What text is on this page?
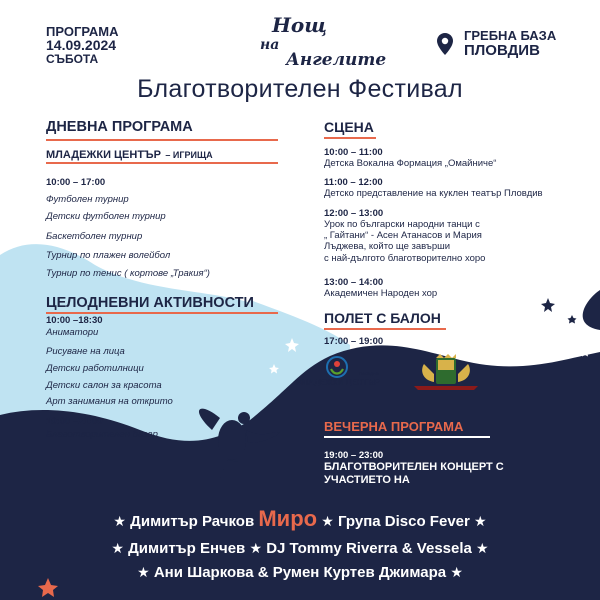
ПРОГРАМА
14.09.2024
СЪБОТА
Нощ
на
Ангелите
ГРЕБНА БАЗА
ПЛОВДИВ
Благотворителен Фестивал
ДНЕВНА ПРОГРАМА
МЛАДЕЖКИ ЦЕНТЪР – ИГРИЩА
10:00 – 17:00
Футболен турнир
Детски футболен турнир
Баскетболен турнир
Турнир по плажен волейбол
Турнир по тенис ( кортове „Тракия“)
ЦЕЛОДНЕВНИ АКТИВНОСТИ
10:00 –18:30
Аниматори
Рисуване на лица
Детски работилници
Детски салон за красота
Арт занимания на открито
10:00 –21:00
Благотворителен базар
СЦЕНА
10:00 – 11:00
Детска Вокална Формация „Омайниче“
11:00 – 12:00
Детско представление на куклен театър Пловдив
12:00 – 13:00
Урок по български народни танци с
„ Гайтани“ - Асен Атанасов и Мария
Лъджева, който ще завърши
с най-дългото благотворително хоро
13:00 – 14:00
Академичен Народен хор
ПОЛЕТ С БАЛОН
17:00 – 19:00
ПЛОВДИВ
МЛАДЕЖКИ ЦЕНТЪР
ВЕЧЕРНА ПРОГРАМА
19:00 – 23:00
БЛАГОТВОРИТЕЛЕН КОНЦЕРТ С
УЧАСТИЕТО НА
★ Димитър Рачков Миро ★ Група Disco Fever ★
★ Димитър Енчев ★ DJ Tommy Riverra & Vessela ★
★ Ани Шаркова & Румен Куртев Джимара ★
